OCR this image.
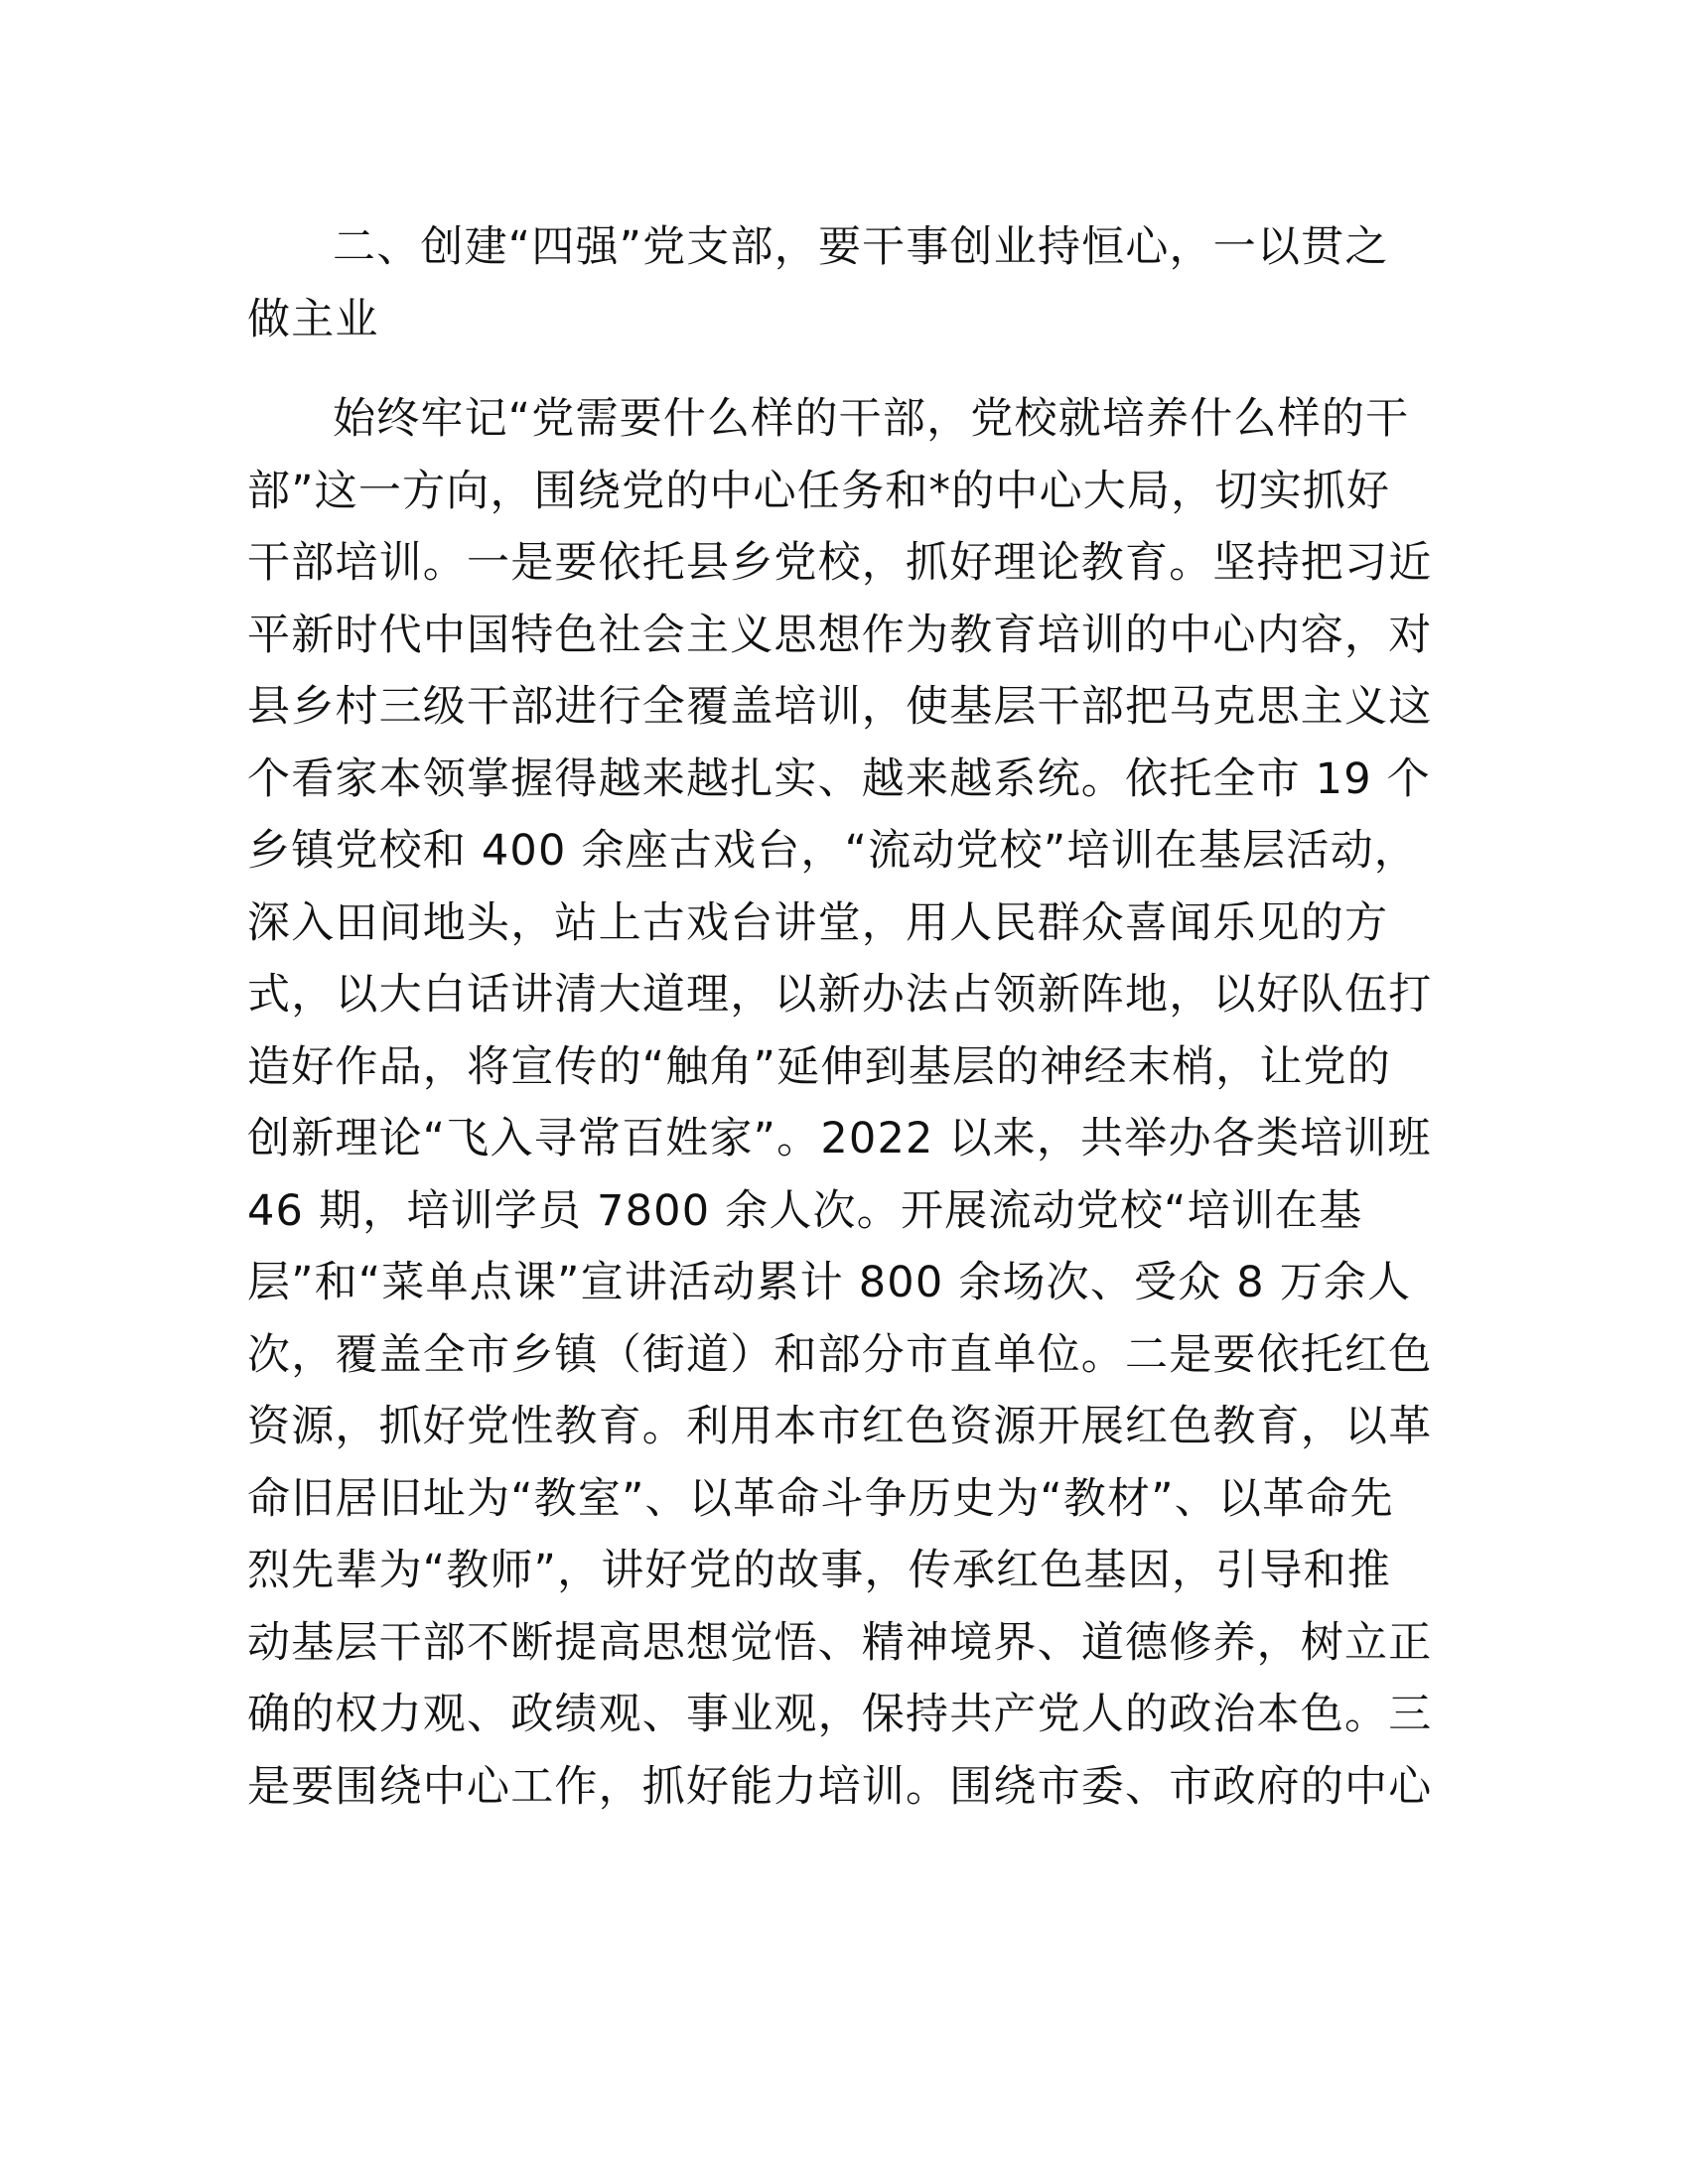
二、创建“四强”党支部，要干事创业持恒心，一以贯之
做主业
始终牢记“党需要什么样的干部，党校就培养什么样的干
部”这一方向，围绕党的中心任务和*的中心大局，切实抓好
干部培训。一是要依托县乡党校，抓好理论教育。坚持把习近
平新时代中国特色社会主义思想作为教育培训的中心内容，对
县乡村三级干部进行全覆盖培训，使基层干部把马克思主义这
个看家本领掌握得越来越扎实、越来越系统。依托全市 19 个
乡镇党校和 400 余座古戏台，“流动党校”培训在基层活动，
深入田间地头，站上古戏台讲堂，用人民群众喜闻乐见的方
式，以大白话讲清大道理，以新办法占领新阵地，以好队伍打
造好作品，将宣传的“触角”延伸到基层的神经末梢，让党的
创新理论“飞入寻常百姓家”。2022 以来，共举办各类培训班
46 期，培训学员 7800 余人次。开展流动党校“培训在基
层”和“菜单点课”宣讲活动累计 800 余场次、受众 8 万余人
次，覆盖全市乡镇（街道）和部分市直单位。二是要依托红色
资源，抓好党性教育。利用本市红色资源开展红色教育，以革
命旧居旧址为“教室”、以革命斗争历史为“教材”、以革命先
烈先辈为“教师”，讲好党的故事，传承红色基因，引导和推
动基层干部不断提高思想觉悟、精神境界、道德修养，树立正
确的权力观、政绩观、事业观，保持共产党人的政治本色。三
是要围绕中心工作，抓好能力培训。围绕市委、市政府的中心
